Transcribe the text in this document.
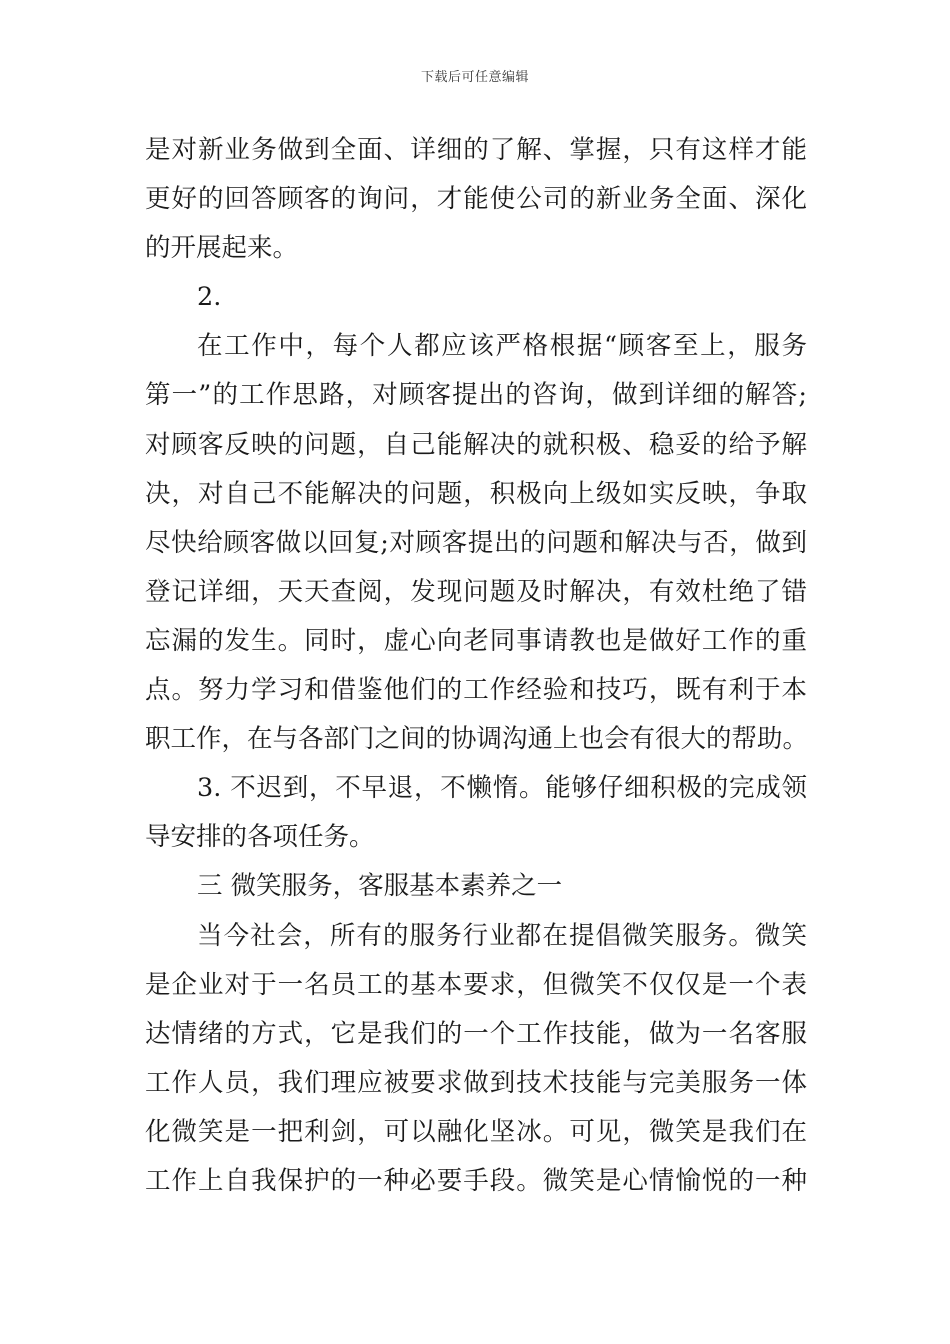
下载后可任意编辑
是对新业务做到全面、详细的了解、掌握，只有这样才能
更好的回答顾客的询问，才能使公司的新业务全面、深化
的开展起来。
2.
在工作中，每个人都应该严格根据“顾客至上，服务
第一”的工作思路，对顾客提出的咨询，做到详细的解答;
对顾客反映的问题，自己能解决的就积极、稳妥的给予解
决，对自己不能解决的问题，积极向上级如实反映，争取
尽快给顾客做以回复;对顾客提出的问题和解决与否，做到
登记详细，天天查阅，发现问题及时解决，有效杜绝了错
忘漏的发生。同时，虚心向老同事请教也是做好工作的重
点。努力学习和借鉴他们的工作经验和技巧，既有利于本
职工作，在与各部门之间的协调沟通上也会有很大的帮助。
3. 不迟到，不早退，不懒惰。能够仔细积极的完成领
导安排的各项任务。
三 微笑服务，客服基本素养之一
当今社会，所有的服务行业都在提倡微笑服务。微笑
是企业对于一名员工的基本要求，但微笑不仅仅是一个表
达情绪的方式，它是我们的一个工作技能，做为一名客服
工作人员，我们理应被要求做到技术技能与完美服务一体
化微笑是一把利剑，可以融化坚冰。可见，微笑是我们在
工作上自我保护的一种必要手段。微笑是心情愉悦的一种
